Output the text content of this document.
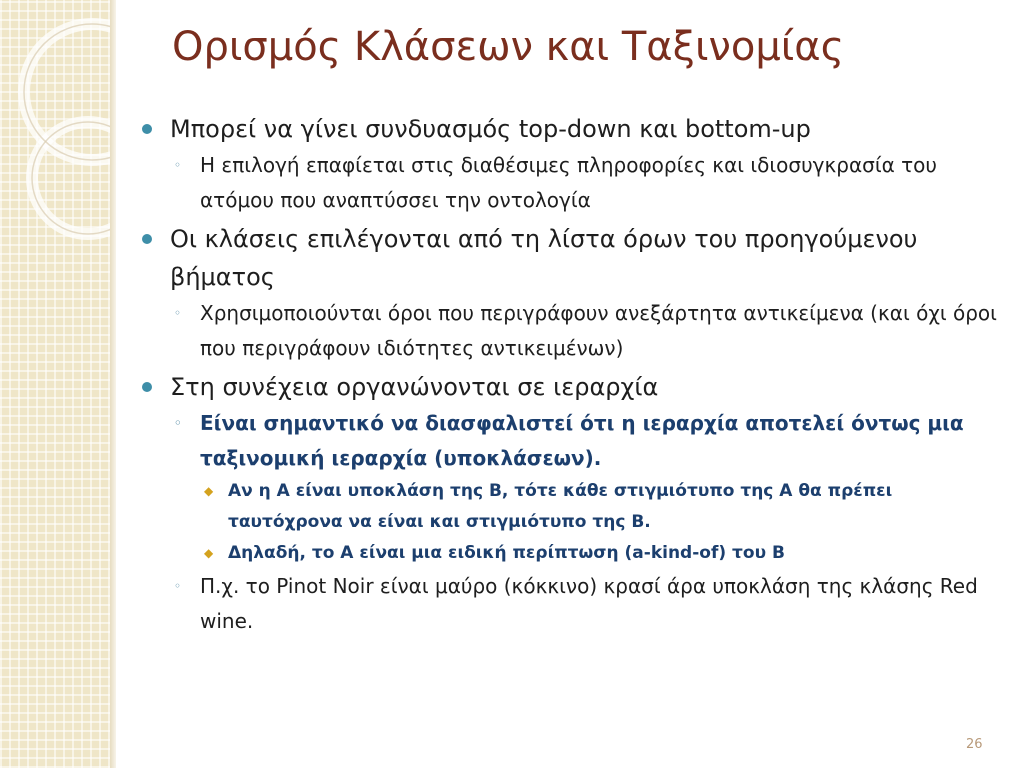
Ορισμός Κλάσεων και Ταξινομίας
Μπορεί να γίνει συνδυασμός top-down και bottom-up
◦ Η επιλογή επαφίεται στις διαθέσιμες πληροφορίες και ιδιοσυγκρασία του ατόμου που αναπτύσσει την οντολογία
Οι κλάσεις επιλέγονται από τη λίστα όρων του προηγούμενου βήματος
◦ Χρησιμοποιούνται όροι που περιγράφουν ανεξάρτητα αντικείμενα (και όχι όροι που περιγράφουν ιδιότητες αντικειμένων)
Στη συνέχεια οργανώνονται σε ιεραρχία
◦ Είναι σημαντικό να διασφαλιστεί ότι η ιεραρχία αποτελεί όντως μια ταξινομική ιεραρχία (υποκλάσεων).
◆ Αν η A είναι υποκλάση της B, τότε κάθε στιγμιότυπο της A θα πρέπει ταυτόχρονα να είναι και στιγμιότυπο της B.
◆ Δηλαδή, το A είναι μια ειδική περίπτωση (a-kind-of) του B
◦ Π.χ. το Pinot Noir είναι μαύρο (κόκκινο) κρασί άρα υποκλάση της κλάσης Red wine.
26
